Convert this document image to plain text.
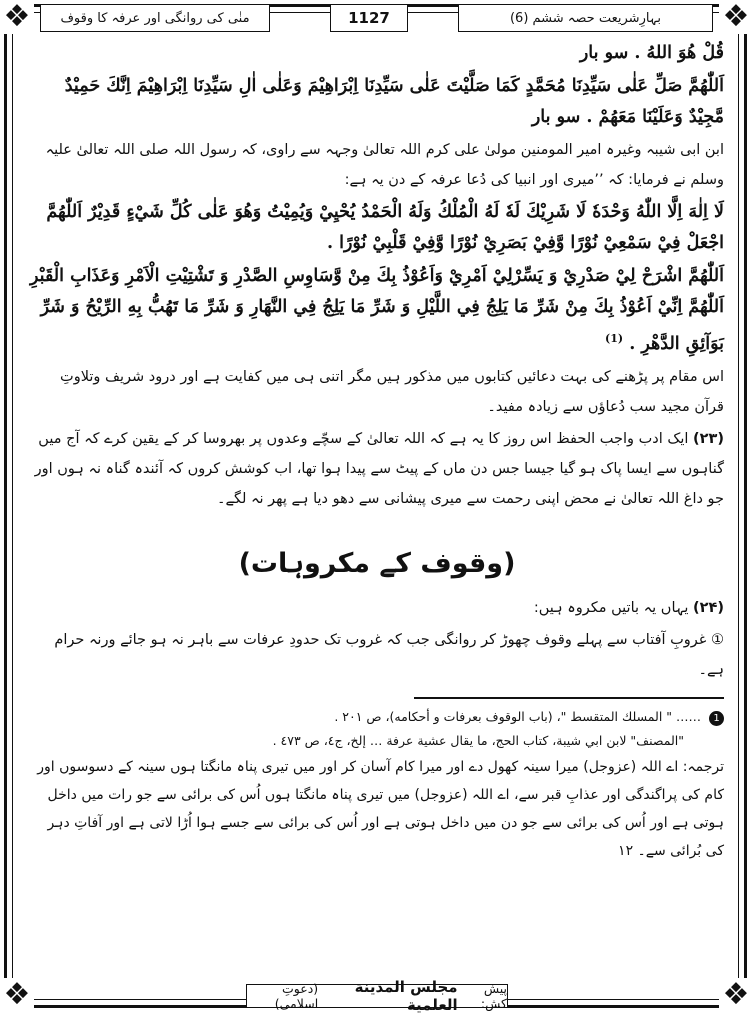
❖	❖
❖	❖
بہارِشریعت حصہ ششم (6)
1127
منٰی کی روانگی اور عرفہ کا وقوف

قُلْ هُوَ اللهُ . سو بار

اَللّٰهُمَّ صَلِّ عَلٰى سَيِّدِنَا مُحَمَّدٍ كَمَا صَلَّيْتَ عَلٰى سَيِّدِنَا اِبْرَاهِيْمَ وَعَلٰى اٰلِ سَيِّدِنَا اِبْرَاهِيْمَ اِنَّكَ حَمِيْدٌ مَّجِيْدٌ وَعَلَيْنَا مَعَهُمْ . سو بار

ابن ابی شیبہ وغیرہ امیر المومنین مولیٰ علی کرم اللہ تعالیٰ وجہہ سے راوی، کہ رسول اللہ صلی اللہ تعالیٰ علیہ وسلم نے فرمایا: کہ ’’میری اور انبیا کی دُعا عرفہ کے دن یہ ہے:

لَا اِلٰهَ اِلَّا اللّٰهُ وَحْدَهٗ لَا شَرِيْكَ لَهٗ لَهُ الْمُلْكُ وَلَهُ الْحَمْدُ يُحْيِيْ وَيُمِيْتُ وَهُوَ عَلٰى كُلِّ شَيْءٍ قَدِيْرٌ اَللّٰهُمَّ اجْعَلْ فِيْ سَمْعِيْ نُوْرًا وَّفِيْ بَصَرِيْ نُوْرًا وَّفِيْ قَلْبِيْ نُوْرًا .

اَللّٰهُمَّ اشْرَحْ لِيْ صَدْرِيْ وَ يَسِّرْلِيْ اَمْرِيْ وَاَعُوْذُ بِكَ مِنْ وَّسَاوِسِ الصَّدْرِ وَ تَشْتِيْتِ الْاَمْرِ وَعَذَابِ الْقَبْرِ اَللّٰهُمَّ اِنِّيْ اَعُوْذُ بِكَ مِنْ شَرِّ مَا يَلِجُ فِي اللَّيْلِ وَ شَرِّ مَا يَلِجُ فِي النَّهَارِ وَ شَرِّ مَا تَهُبُّ بِهِ الرِّيْحُ وَ شَرِّ بَوَآئِقِ الدَّهْرِ . $^{(1)}$

اس مقام پر پڑھنے کی بہت دعائیں کتابوں میں مذکور ہیں مگر اتنی ہی میں کفایت ہے اور درود شریف وتلاوتِ قرآن مجید سب دُعاؤں سے زیادہ مفید۔

(۲۳) ایک ادب واجب الحفظ اس روز کا یہ ہے کہ اللہ تعالیٰ کے سچّے وعدوں پر بھروسا کر کے یقین کرے کہ آج میں گناہوں سے ایسا پاک ہو گیا جیسا جس دن ماں کے پیٹ سے پیدا ہوا تھا، اب کوشش کروں کہ آئندہ گناہ نہ ہوں اور جو داغ اللہ تعالیٰ نے محض اپنی رحمت سے میری پیشانی سے دھو دیا ہے پھر نہ لگے۔

(وقوف کے مکروہات)

(۲۴) یہاں یہ باتیں مکروہ ہیں:

① غروبِ آفتاب سے پہلے وقوف چھوڑ کر روانگی جب کہ غروب تک حدودِ عرفات سے باہر نہ ہو جائے ورنہ حرام ہے۔

1 …… " المسلك المتقسط "، (باب الوقوف بعرفات و أحكامه)، ص ٢٠١ .

"المصنف" لابن ابي شيبة، كتاب الحج، ما يقال عشية عرفة … إلخ، ج٤، ص ٤٧٣ .

ترجمہ: اے اللہ (عزوجل) میرا سینہ کھول دے اور میرا کام آسان کر اور میں تیری پناہ مانگتا ہوں سینہ کے دسوسوں اور کام کی پراگندگی اور عذابِ قبر سے، اے اللہ (عزوجل) میں تیری پناہ مانگتا ہوں اُس کی برائی سے جو رات میں داخل ہوتی ہے اور اُس کی برائی سے جو دن میں داخل ہوتی ہے اور اُس کی برائی سے جسے ہوا اُڑا لاتی ہے اور آفاتِ دہر کی بُرائی سے۔ ۱۲

پیش کش:
مجلس المدينة العلمية
(دعوتِ اسلامی)
